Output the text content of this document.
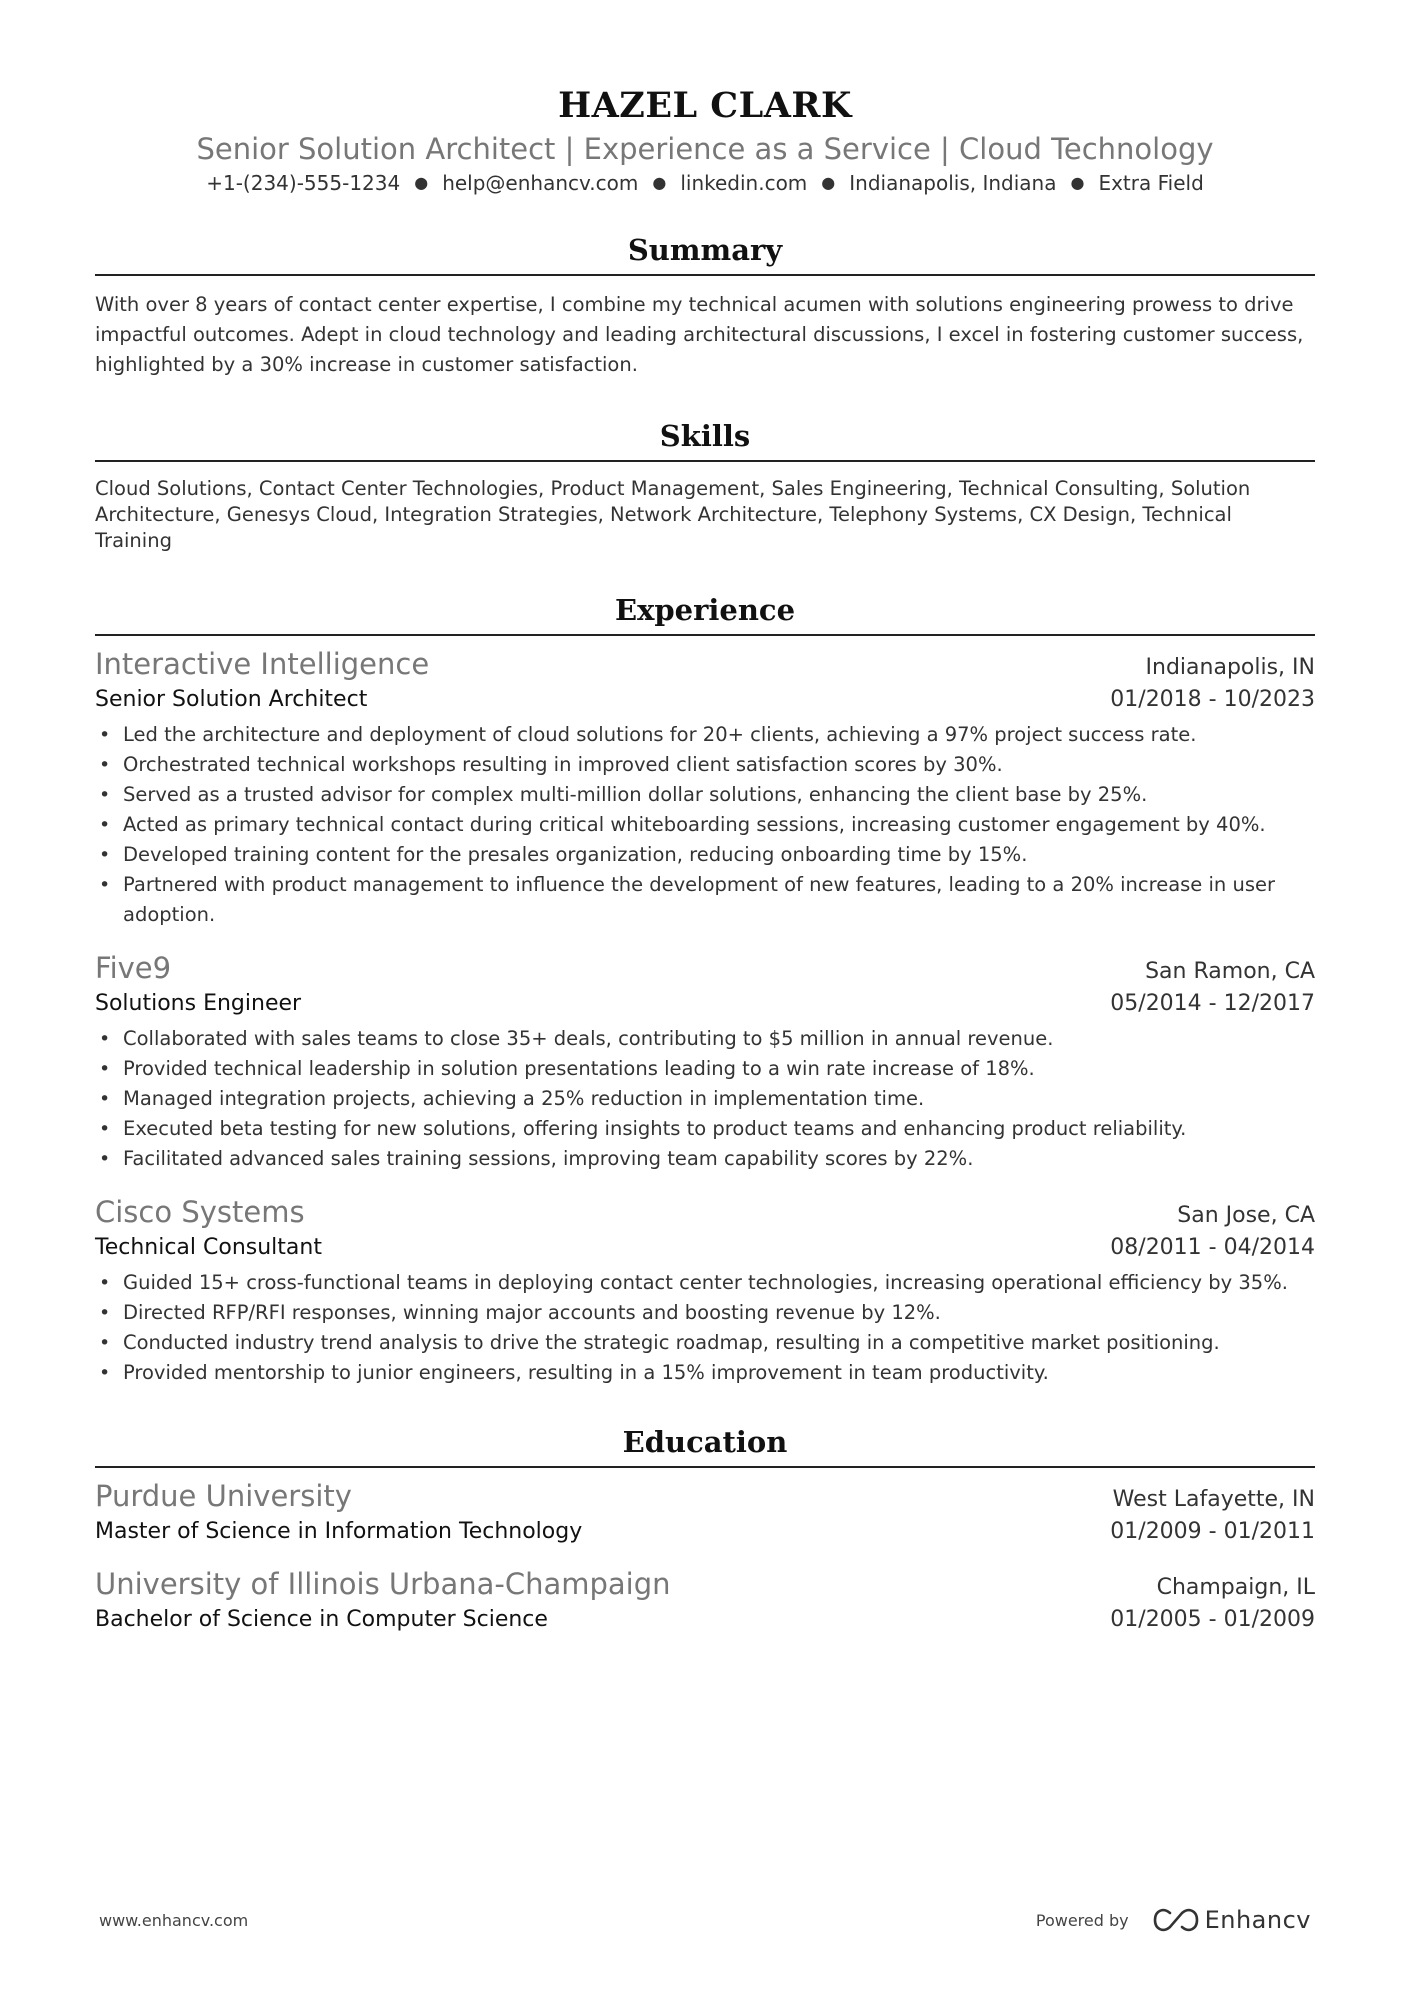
HAZEL CLARK

Senior Solution Architect | Experience as a Service | Cloud Technology

+1-(234)-555-1234 ● help@enhancv.com ● linkedin.com ● Indianapolis, Indiana ● Extra Field
Summary

With over 8 years of contact center expertise, I combine my technical acumen with solutions engineering prowess to drive impactful outcomes. Adept in cloud technology and leading architectural discussions, I excel in fostering customer success, highlighted by a 30% increase in customer satisfaction.

Skills

Cloud Solutions, Contact Center Technologies, Product Management, Sales Engineering, Technical Consulting, Solution Architecture, Genesys Cloud, Integration Strategies, Network Architecture, Telephony Systems, CX Design, Technical Training

Experience
Interactive Intelligence	Indianapolis, IN
Senior Solution Architect	01/2018 - 10/2023
• Led the architecture and deployment of cloud solutions for 20+ clients, achieving a 97% project success rate.
• Orchestrated technical workshops resulting in improved client satisfaction scores by 30%.
• Served as a trusted advisor for complex multi-million dollar solutions, enhancing the client base by 25%.
• Acted as primary technical contact during critical whiteboarding sessions, increasing customer engagement by 40%.
• Developed training content for the presales organization, reducing onboarding time by 15%.
• Partnered with product management to influence the development of new features, leading to a 20% increase in user adoption.
Five9	San Ramon, CA
Solutions Engineer	05/2014 - 12/2017
• Collaborated with sales teams to close 35+ deals, contributing to $5 million in annual revenue.
• Provided technical leadership in solution presentations leading to a win rate increase of 18%.
• Managed integration projects, achieving a 25% reduction in implementation time.
• Executed beta testing for new solutions, offering insights to product teams and enhancing product reliability.
• Facilitated advanced sales training sessions, improving team capability scores by 22%.
Cisco Systems	San Jose, CA
Technical Consultant	08/2011 - 04/2014
• Guided 15+ cross-functional teams in deploying contact center technologies, increasing operational efficiency by 35%.
• Directed RFP/RFI responses, winning major accounts and boosting revenue by 12%.
• Conducted industry trend analysis to drive the strategic roadmap, resulting in a competitive market positioning.
• Provided mentorship to junior engineers, resulting in a 15% improvement in team productivity.
Education
Purdue University	West Lafayette, IN
Master of Science in Information Technology	01/2009 - 01/2011
University of Illinois Urbana-Champaign	Champaign, IL
Bachelor of Science in Computer Science	01/2005 - 01/2009
www.enhancv.com	Powered by	Enhancv
